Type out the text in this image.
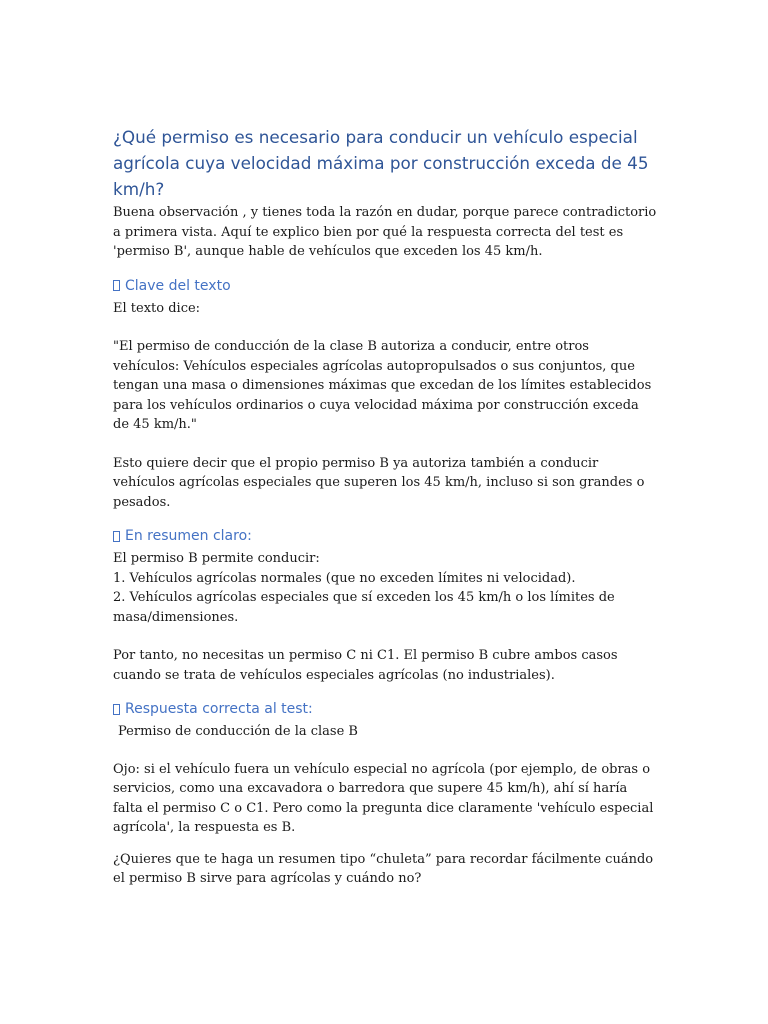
¿Qué permiso es necesario para conducir un vehículo especial agrícola cuya velocidad máxima por construcción exceda de 45 km/h?

Buena observación , y tienes toda la razón en dudar, porque parece contradictorio a primera vista. Aquí te explico bien por qué la respuesta correcta del test es 'permiso B', aunque hable de vehículos que exceden los 45 km/h.

Clave del texto

El texto dice:

"El permiso de conducción de la clase B autoriza a conducir, entre otros vehículos: Vehículos especiales agrícolas autopropulsados o sus conjuntos, que tengan una masa o dimensiones máximas que excedan de los límites establecidos para los vehículos ordinarios o cuya velocidad máxima por construcción exceda de 45 km/h."

Esto quiere decir que el propio permiso B ya autoriza también a conducir vehículos agrícolas especiales que superen los 45 km/h, incluso si son grandes o pesados.

En resumen claro:

El permiso B permite conducir:

1. Vehículos agrícolas normales (que no exceden límites ni velocidad).

2. Vehículos agrícolas especiales que sí exceden los 45 km/h o los límites de masa/dimensiones.

Por tanto, no necesitas un permiso C ni C1. El permiso B cubre ambos casos cuando se trata de vehículos especiales agrícolas (no industriales).

Respuesta correcta al test:

Permiso de conducción de la clase B

Ojo: si el vehículo fuera un vehículo especial no agrícola (por ejemplo, de obras o servicios, como una excavadora o barredora que supere 45 km/h), ahí sí haría falta el permiso C o C1. Pero como la pregunta dice claramente 'vehículo especial agrícola', la respuesta es B.

¿Quieres que te haga un resumen tipo “chuleta” para recordar fácilmente cuándo el permiso B sirve para agrícolas y cuándo no?
